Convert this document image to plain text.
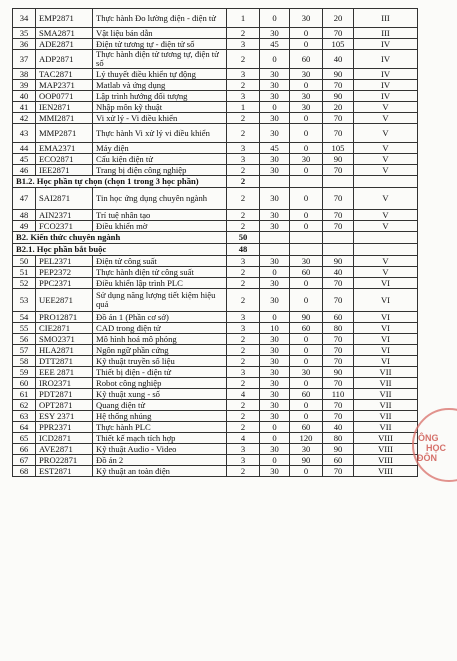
34	EMP2871	Thực hành Đo lường điện - điện tử	1	0	30	20	III
35	SMA2871	Vật liệu bán dẫn	2	30	0	70	III
36	ADE2871	Điện tử tương tự - điện tử số	3	45	0	105	IV
37	ADP2871	Thực hành điện tử tương tự, điện tử số	2	0	60	40	IV
38	TAC2871	Lý thuyết điều khiển tự động	3	30	30	90	IV
39	MAP2371	Matlab và ứng dụng	2	30	0	70	IV
40	OOP0771	Lập trình hướng đối tượng	3	30	30	90	IV
41	IEN2871	Nhập môn kỹ thuật	1	0	30	20	V
42	MMI2871	Vi xử lý - Vi điều khiển	2	30	0	70	V
43	MMP2871	Thực hành Vi xử lý vi điều khiển	2	30	0	70	V
44	EMA2371	Máy điện	3	45	0	105	V
45	ECO2871	Cấu kiện điện tử	3	30	30	90	V
46	IEE2871	Trang bị điện công nghiệp	2	30	0	70	V
B1.2. Học phần tự chọn (chọn 1 trong 3 học phần)			2				
47	SAI2871	Tin học ứng dụng chuyên ngành	2	30	0	70	V
48	AIN2371	Trí tuệ nhân tạo	2	30	0	70	V
49	FCO2371	Điều khiển mờ	2	30	0	70	V
B2. Kiến thức chuyên ngành			50				
B2.1. Học phần bắt buộc			48				
50	PEL2371	Điện tử công suất	3	30	30	90	V
51	PEP2372	Thực hành điện tử công suất	2	0	60	40	V
52	PPC2371	Điều khiển lập trình PLC	2	30	0	70	VI
53	UEE2871	Sử dụng năng lượng tiết kiệm hiệu quả	2	30	0	70	VI
54	PRO12871	Đồ án 1 (Phần cơ sở)	3	0	90	60	VI
55	CIE2871	CAD trong điện tử	3	10	60	80	VI
56	SMO2371	Mô hình hoá mô phỏng	2	30	0	70	VI
57	HLA2871	Ngôn ngữ phần cứng	2	30	0	70	VI
58	DTT2871	Kỹ thuật truyền số liệu	2	30	0	70	VI
59	EEE 2871	Thiết bị điện - điện tử	3	30	30	90	VII
60	IRO2371	Robot công nghiệp	2	30	0	70	VII
61	PDT2871	Kỹ thuật xung - số	4	30	60	110	VII
62	OPT2871	Quang điện tử	2	30	0	70	VII
63	ESY 2371	Hệ thống nhúng	2	30	0	70	VII
64	PPR2371	Thực hành PLC	2	0	60	40	VII
65	ICD2871	Thiết kế mạch tích hợp	4	0	120	80	VIII
66	AVE2871	Kỹ thuật Audio - Video	3	30	30	90	VIII
67	PRO22871	Đồ án 2	3	0	90	60	VIII
68	EST2871	Kỹ thuật an toàn điện	2	30	0	70	VIII
ÔNG
HỌC
ĐÔN
